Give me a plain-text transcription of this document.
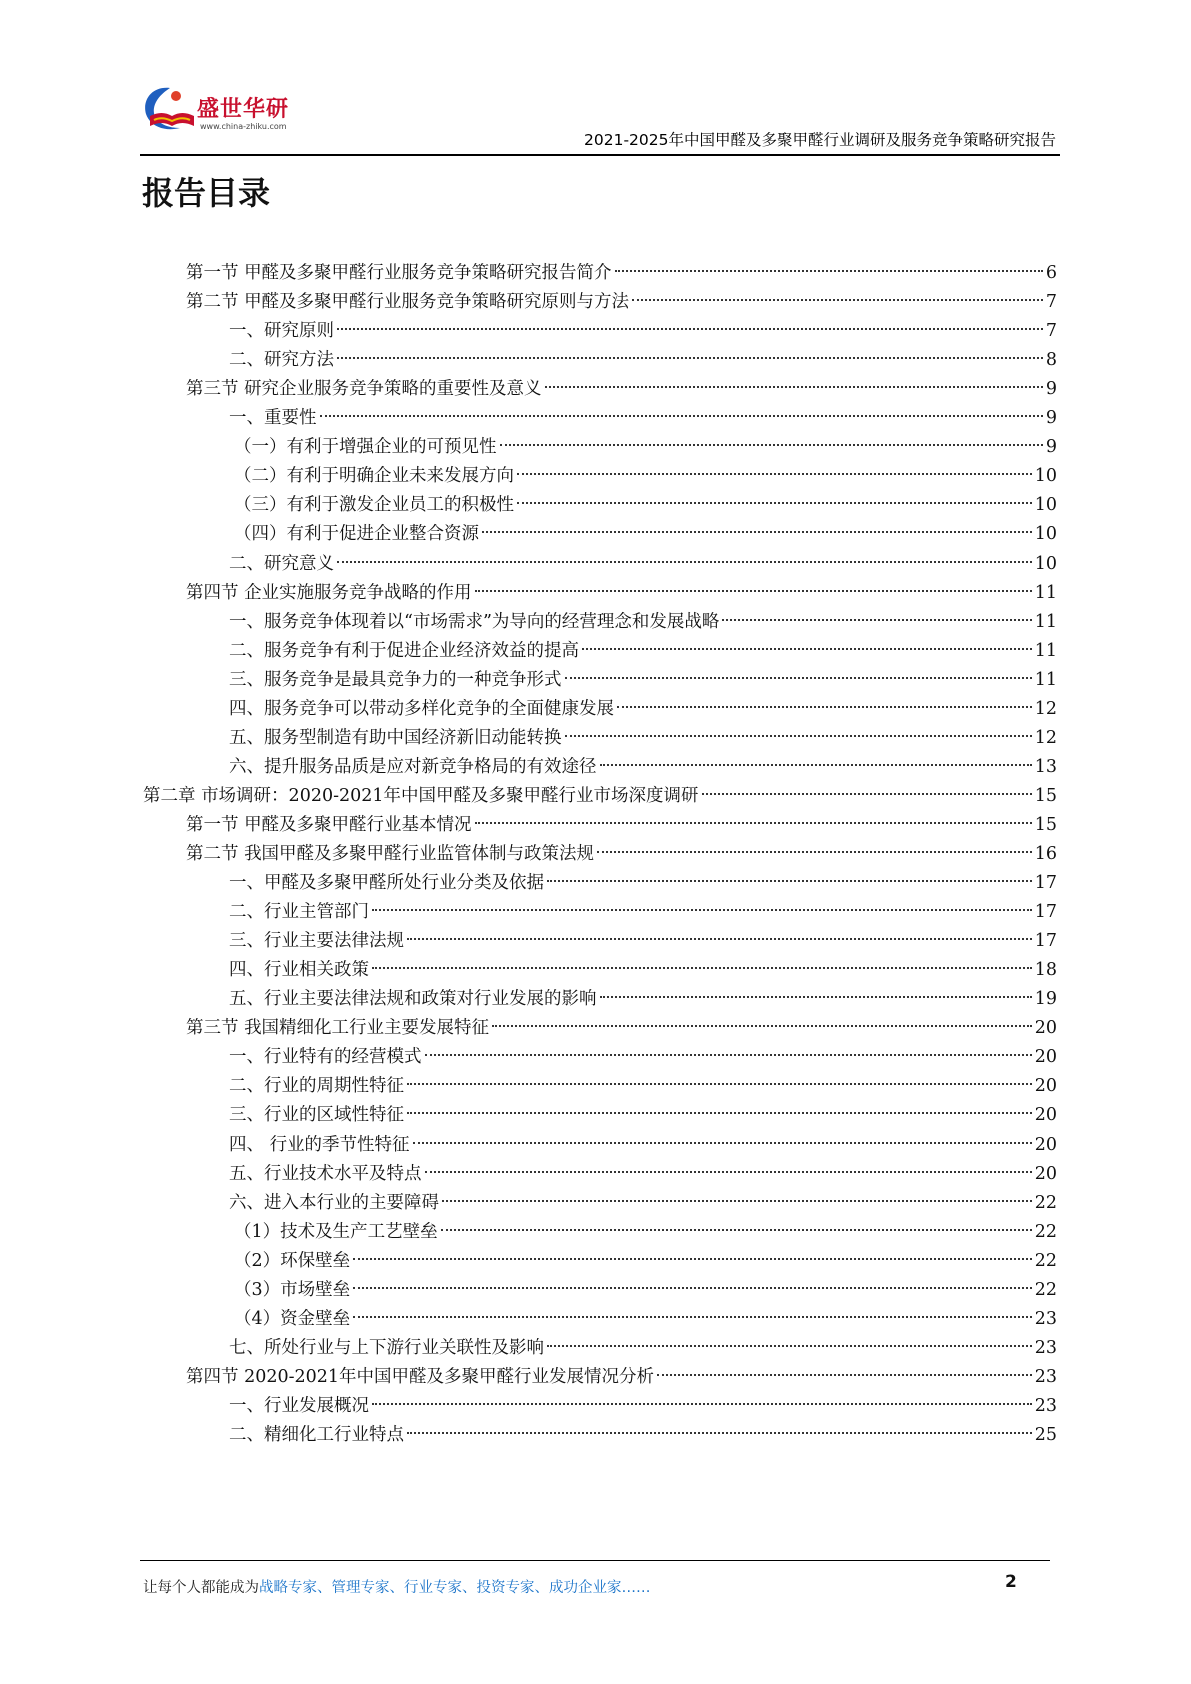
盛世华研
www.china-zhiku.com
2021-2025年中国甲醛及多聚甲醛行业调研及服务竞争策略研究报告
报告目录
第一节 甲醛及多聚甲醛行业服务竞争策略研究报告简介	6
第二节 甲醛及多聚甲醛行业服务竞争策略研究原则与方法	7
一、研究原则	7
二、研究方法	8
第三节 研究企业服务竞争策略的重要性及意义	9
一、重要性	9
（一）有利于增强企业的可预见性	9
（二）有利于明确企业未来发展方向	10
（三）有利于激发企业员工的积极性	10
（四）有利于促进企业整合资源	10
二、研究意义	10
第四节 企业实施服务竞争战略的作用	11
一、服务竞争体现着以“市场需求”为导向的经营理念和发展战略	11
二、服务竞争有利于促进企业经济效益的提高	11
三、服务竞争是最具竞争力的一种竞争形式	11
四、服务竞争可以带动多样化竞争的全面健康发展	12
五、服务型制造有助中国经济新旧动能转换	12
六、提升服务品质是应对新竞争格局的有效途径	13
第二章 市场调研：2020-2021年中国甲醛及多聚甲醛行业市场深度调研	15
第一节 甲醛及多聚甲醛行业基本情况	15
第二节 我国甲醛及多聚甲醛行业监管体制与政策法规	16
一、甲醛及多聚甲醛所处行业分类及依据	17
二、行业主管部门	17
三、行业主要法律法规	17
四、行业相关政策	18
五、行业主要法律法规和政策对行业发展的影响	19
第三节 我国精细化工行业主要发展特征	20
一、行业特有的经营模式	20
二、行业的周期性特征	20
三、行业的区域性特征	20
四、 行业的季节性特征	20
五、行业技术水平及特点	20
六、进入本行业的主要障碍	22
（1）技术及生产工艺壁垒	22
（2）环保壁垒	22
（3）市场壁垒	22
（4）资金壁垒	23
七、所处行业与上下游行业关联性及影响	23
第四节 2020-2021年中国甲醛及多聚甲醛行业发展情况分析	23
一、行业发展概况	23
二、精细化工行业特点	25
让每个人都能成为战略专家、管理专家、行业专家、投资专家、成功企业家……	2
